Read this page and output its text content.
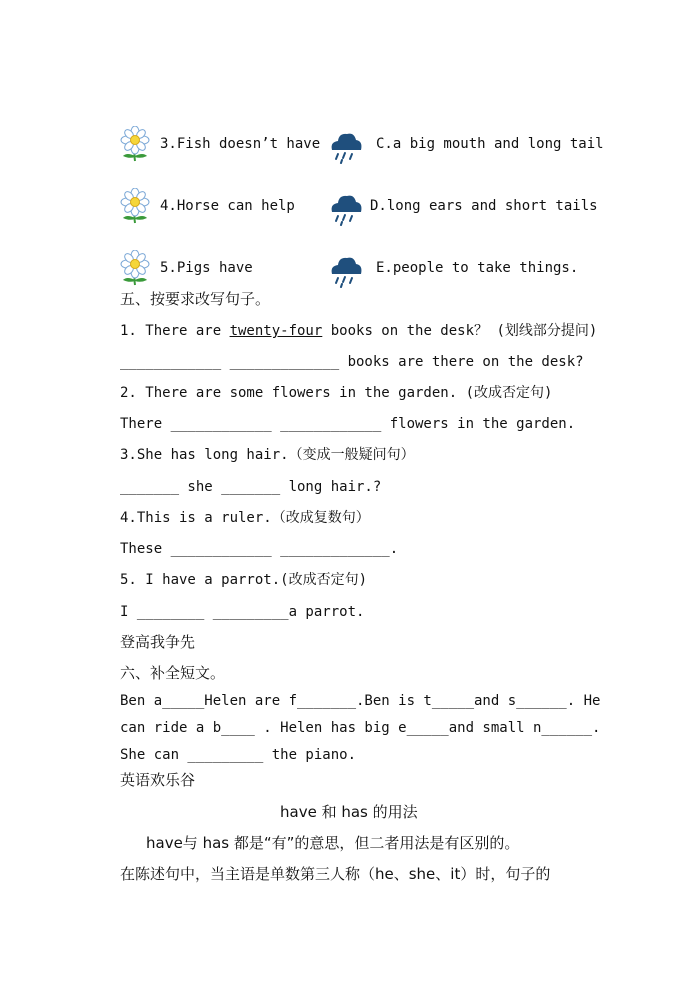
3.Fish doesn’t have	C.a big mouth and long tail
4.Horse can help	D.long ears and short tails
5.Pigs have	E.people to take things.
五、按要求改写句子。
1. There are twenty-four books on the desk？ (划线部分提问)
____________ _____________ books are there on the desk?
2. There are some flowers in the garden. (改成否定句)
There ____________ ____________ flowers in the garden.
3.She has long hair.（变成一般疑问句）
_______ she _______ long hair.?
4.This is a ruler.（改成复数句）
These ____________ _____________.
5. I have a parrot.(改成否定句)
I ________ _________a parrot.
登高我争先
六、补全短文。
Ben a_____Helen are f_______.Ben is t_____and s______. He
can ride a b____ . Helen has big e_____and small n______.
She can _________ the piano.
英语欢乐谷
have 和 has 的用法
have与 has 都是“有”的意思，但二者用法是有区别的。
在陈述句中，当主语是单数第三人称（he、she、it）时，句子的
